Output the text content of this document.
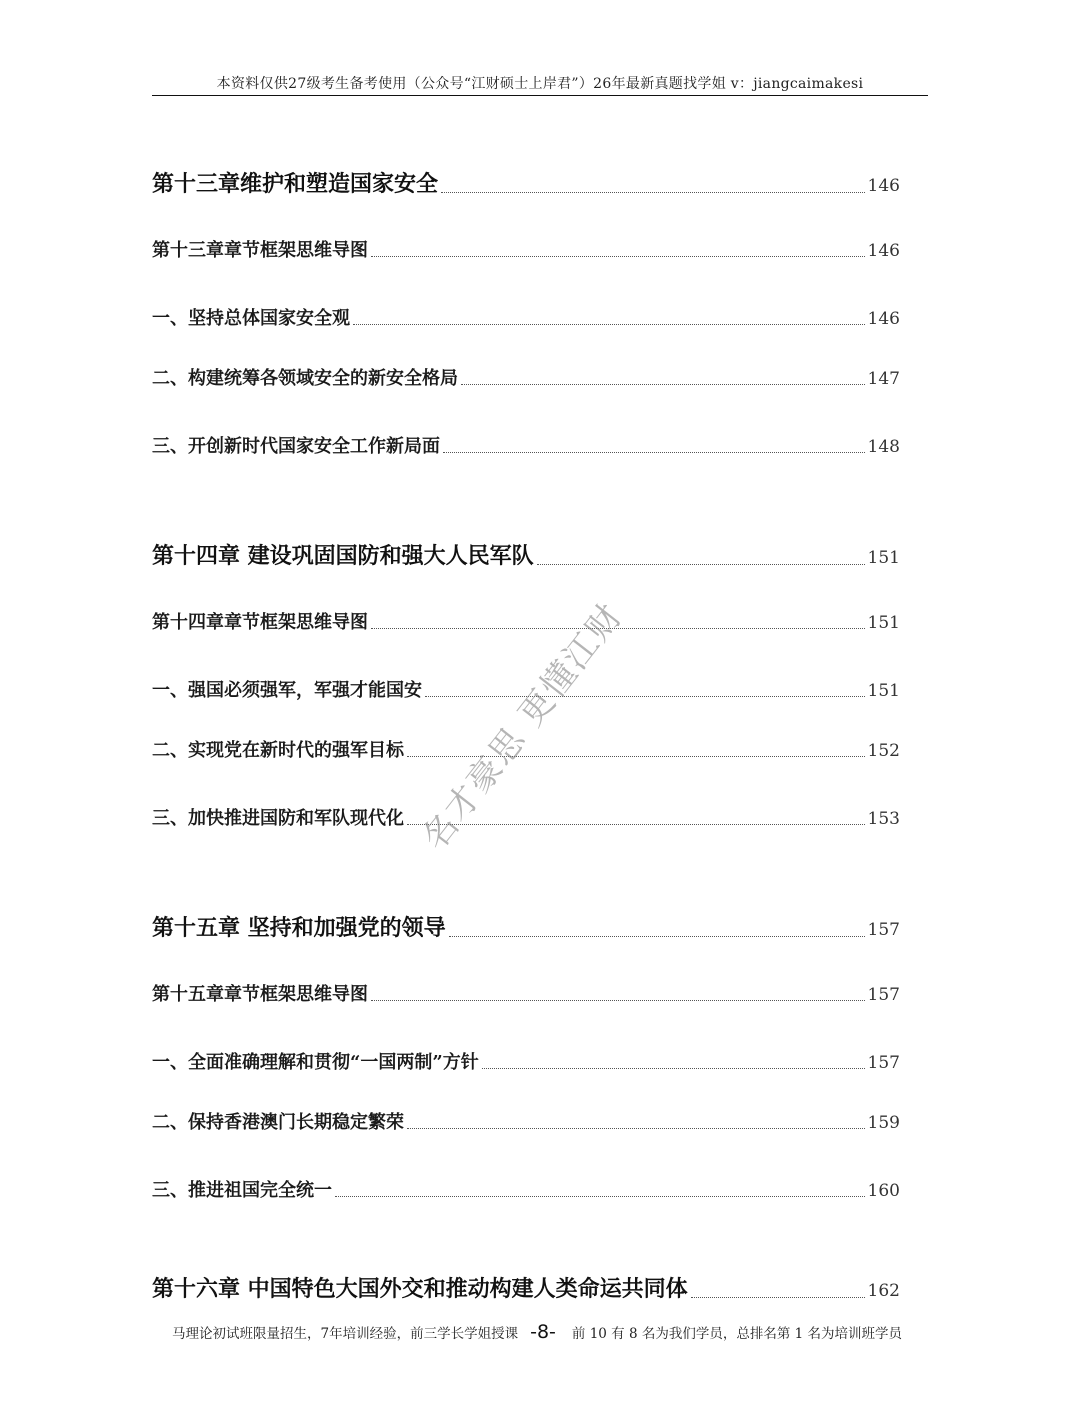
本资料仅供27级考生备考使用（公众号“江财硕士上岸君”）26年最新真题找学姐 v：jiangcaimakesi
第十三章维护和塑造国家安全	146
第十三章章节框架思维导图	146
一、坚持总体国家安全观	146
二、构建统筹各领域安全的新安全格局	147
三、开创新时代国家安全工作新局面	148
第十四章 建设巩固国防和强大人民军队	151
第十四章章节框架思维导图	151
一、强国必须强军，军强才能国安	151
二、实现党在新时代的强军目标	152
三、加快推进国防和军队现代化	153
第十五章 坚持和加强党的领导	157
第十五章章节框架思维导图	157
一、全面准确理解和贯彻“一国两制”方针	157
二、保持香港澳门长期稳定繁荣	159
三、推进祖国完全统一	160
第十六章 中国特色大国外交和推动构建人类命运共同体	162
名才豪思 更懂江财
马理论初试班限量招生，7年培训经验，前三学长学姐授课 -8- 前 10 有 8 名为我们学员，总排名第 1 名为培训班学员
